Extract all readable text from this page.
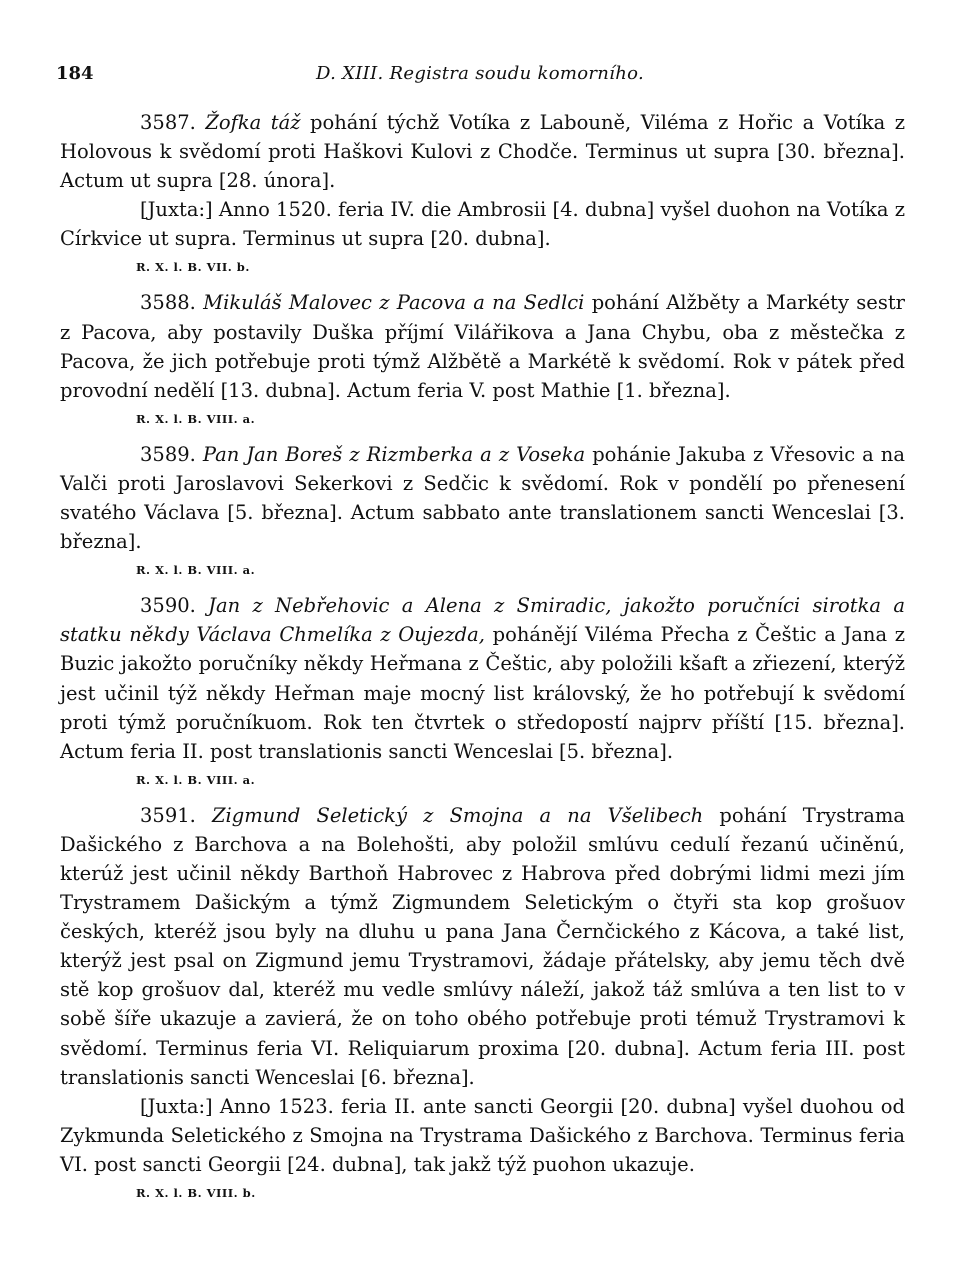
184	D. XIII. Registra soudu komorního.

3587. Žofka táž pohání týchž Votíka z Labouně, Viléma z Hořic a Votíka z Holovous k svědomí proti Haškovi Kulovi z Chodče. Terminus ut supra [30. března]. Actum ut supra [28. února].

[Juxta:] Anno 1520. feria IV. die Ambrosii [4. dubna] vyšel duohon na Votíka z Církvice ut supra. Terminus ut supra [20. dubna].

R. X. l. B. VII. b.

3588. Mikuláš Malovec z Pacova a na Sedlci pohání Alžběty a Markéty sestr z Pacova, aby postavily Duška příjmí Vilářikova a Jana Chybu, oba z městečka z Pacova, že jich potřebuje proti týmž Alžbětě a Markétě k svědomí. Rok v pátek před provodní nedělí [13. dubna]. Actum feria V. post Mathie [1. března].

R. X. l. B. VIII. a.

3589. Pan Jan Boreš z Rizmberka a z Voseka pohánie Jakuba z Vřesovic a na Valči proti Jaroslavovi Sekerkovi z Sedčic k svědomí. Rok v pondělí po přenesení svatého Václava [5. března]. Actum sabbato ante translationem sancti Wenceslai [3. března].

R. X. l. B. VIII. a.

3590. Jan z Nebřehovic a Alena z Smiradic, jakožto poručníci sirotka a statku někdy Václava Chmelíka z Oujezda, pohánějí Viléma Přecha z Češtic a Jana z Buzic jakožto poručníky někdy Heřmana z Češtic, aby položili kšaft a zřiezení, kterýž jest učinil týž někdy Heřman maje mocný list královský, že ho potřebují k svědomí proti týmž poručníkuom. Rok ten čtvrtek o středopostí najprv příští [15. března]. Actum feria II. post translationis sancti Wenceslai [5. března].

R. X. l. B. VIII. a.

3591. Zigmund Seletický z Smojna a na Všelibech pohání Trystrama Dašického z Barchova a na Bolehošti, aby položil smlúvu cedulí řezanú učiněnú, kterúž jest učinil někdy Barthoň Habrovec z Habrova před dobrými lidmi mezi jím Trystramem Dašickým a týmž Zigmundem Seletickým o čtyři sta kop grošuov českých, kteréž jsou byly na dluhu u pana Jana Černčického z Kácova, a také list, kterýž jest psal on Zigmund jemu Trystramovi, žádaje přátelsky, aby jemu těch dvě stě kop grošuov dal, kteréž mu vedle smlúvy náleží, jakož táž smlúva a ten list to v sobě šíře ukazuje a zavierá, že on toho obého potřebuje proti témuž Trystramovi k svědomí. Terminus feria VI. Reliquiarum proxima [20. dubna]. Actum feria III. post translationis sancti Wenceslai [6. března].

[Juxta:] Anno 1523. feria II. ante sancti Georgii [20. dubna] vyšel duohou od Zykmunda Seletického z Smojna na Trystrama Dašického z Barchova. Terminus feria VI. post sancti Georgii [24. dubna], tak jakž týž puohon ukazuje.

R. X. l. B. VIII. b.
